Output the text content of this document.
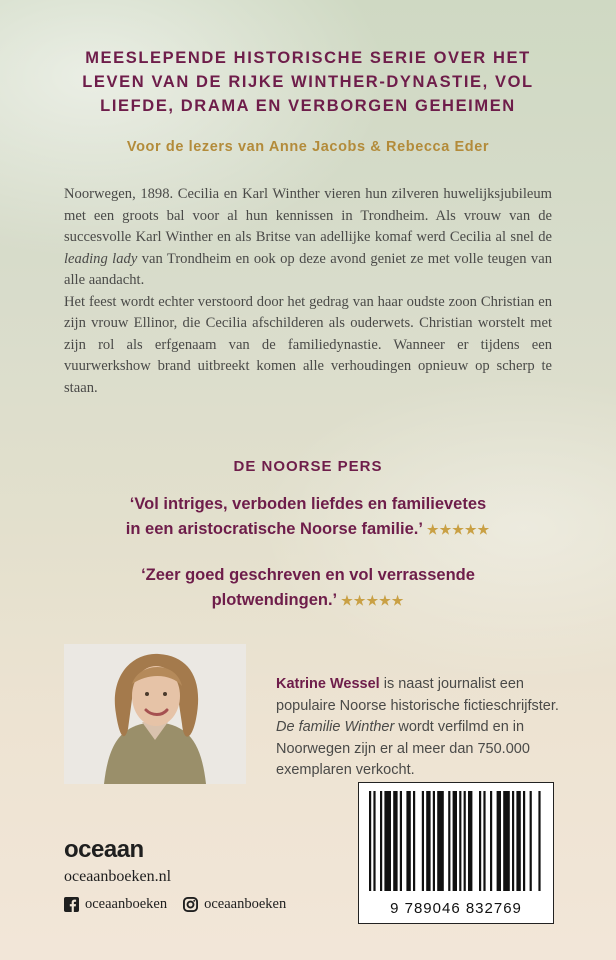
MEESLEPENDE HISTORISCHE SERIE OVER HET
LEVEN VAN DE RIJKE WINTHER-DYNASTIE, VOL
LIEFDE, DRAMA EN VERBORGEN GEHEIMEN
Voor de lezers van Anne Jacobs & Rebecca Eder

Noorwegen, 1898. Cecilia en Karl Winther vieren hun zilveren huwelijksjubileum met een groots bal voor al hun kennissen in Trondheim. Als vrouw van de succesvolle Karl Winther en als Britse van adellijke komaf werd Cecilia al snel de leading lady van Trondheim en ook op deze avond geniet ze met volle teugen van alle aandacht.

Het feest wordt echter verstoord door het gedrag van haar oudste zoon Christian en zijn vrouw Ellinor, die Cecilia afschilderen als ouderwets. Christian worstelt met zijn rol als erfgenaam van de familiedynastie. Wanneer er tijdens een vuurwerkshow brand uitbreekt komen alle verhoudingen opnieuw op scherp te staan.

DE NOORSE PERS
‘Vol intriges, verboden liefdes en familievetes
in een aristocratische Noorse familie.’ ★★★★★
‘Zeer goed geschreven en vol verrassende
plotwendingen.’ ★★★★★
Katrine Wessel is naast journalist een populaire Noorse historische fictieschrijfster. De familie Winther wordt verfilmd en in Noorwegen zijn er al meer dan 750.000 exemplaren verkocht.
9 789046 832769
oceaan
oceaanboeken.nl
oceaanboeken	oceaanboeken
